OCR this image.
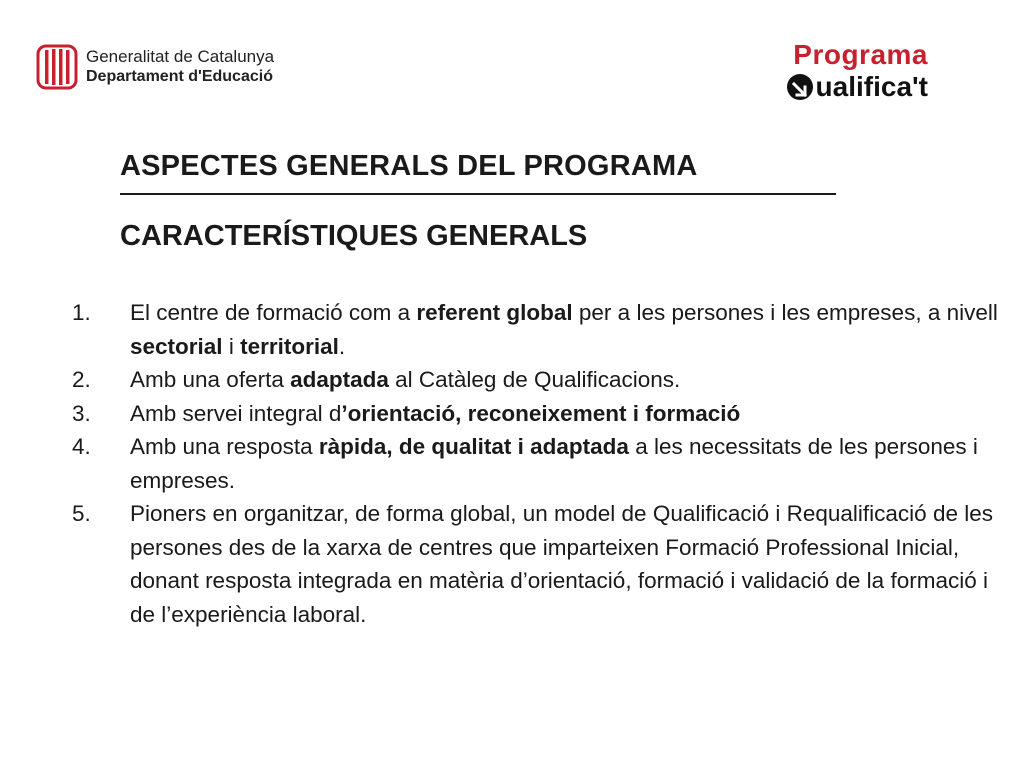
Generalitat de Catalunya
Departament d'Educació
Programa
ualifica't
ASPECTES GENERALS DEL PROGRAMA
CARACTERÍSTIQUES GENERALS
1.	El centre de formació com a referent global per a les persones i les empreses, a nivell sectorial i territorial.
2.	Amb una oferta adaptada al Catàleg de Qualificacions.
3.	Amb servei integral d’orientació, reconeixement i formació
4.	Amb una resposta ràpida, de qualitat i adaptada a les necessitats de les persones i empreses.
5.	Pioners en organitzar, de forma global, un model de Qualificació i Requalificació de les persones des de la xarxa de centres que imparteixen Formació Professional Inicial, donant resposta integrada en matèria d’orientació, formació i validació de la formació i de l’experiència laboral.
